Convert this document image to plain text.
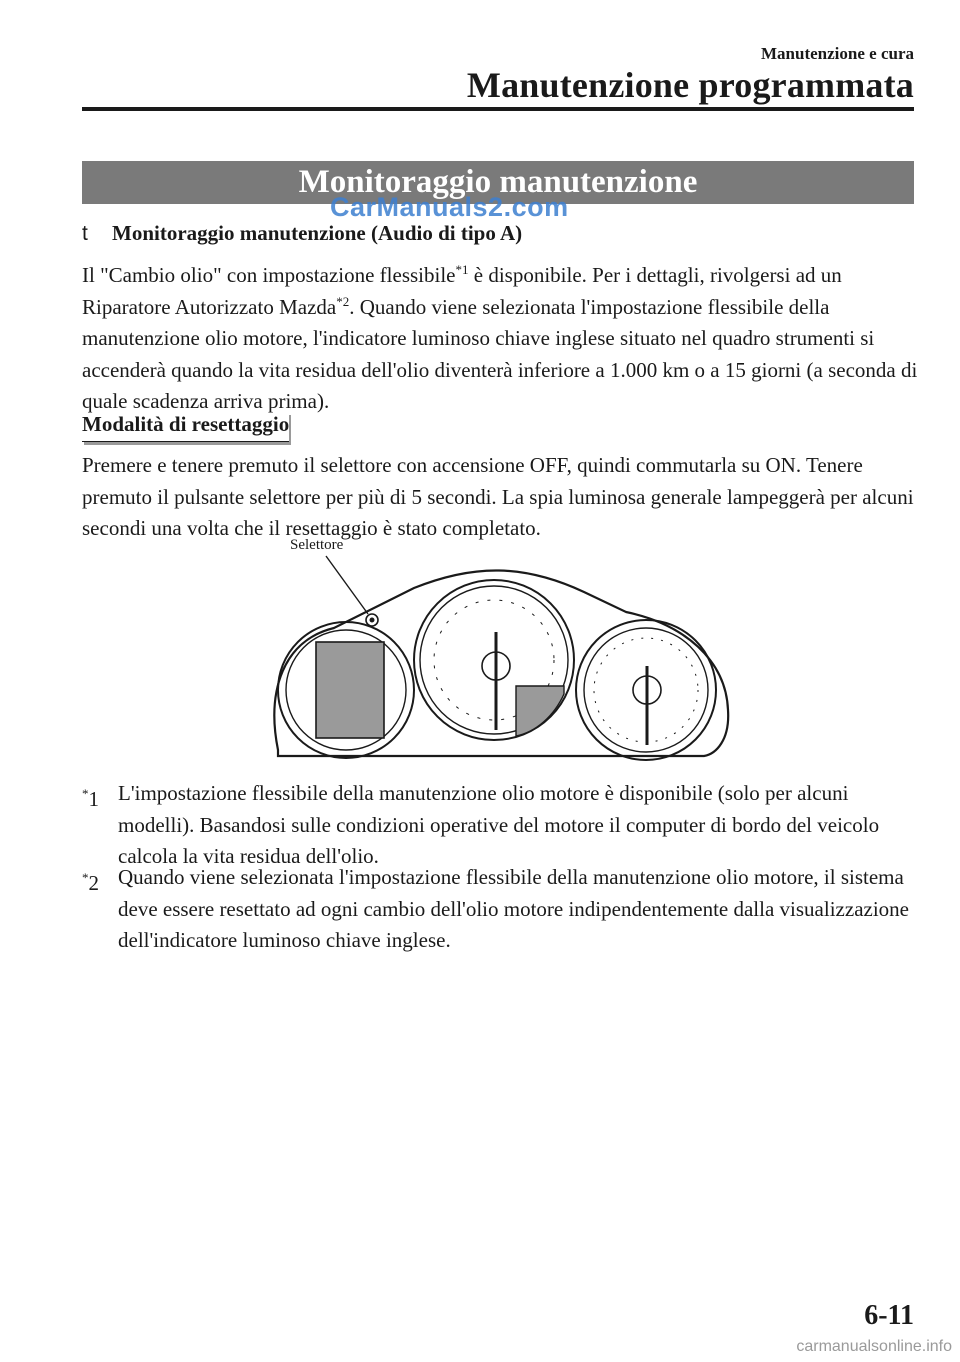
Manutenzione e cura
Manutenzione programmata
Monitoraggio manutenzione
CarManuals2.com
t Monitoraggio manutenzione (Audio di tipo A)
Il "Cambio olio" con impostazione flessibile$^{*1}$ è disponibile. Per i dettagli, rivolgersi ad un Riparatore Autorizzato Mazda$^{*2}$. Quando viene selezionata l'impostazione flessibile della manutenzione olio motore, l'indicatore luminoso chiave inglese situato nel quadro strumenti si accenderà quando la vita residua dell'olio diventerà inferiore a 1.000 km o a 15 giorni (a seconda di quale scadenza arriva prima).
Modalità di resettaggio
Premere e tenere premuto il selettore con accensione OFF, quindi commutarla su ON. Tenere premuto il pulsante selettore per più di 5 secondi. La spia luminosa generale lampeggerà per alcuni secondi una volta che il resettaggio è stato completato.
Selettore
*1 L'impostazione flessibile della manutenzione olio motore è disponibile (solo per alcuni modelli). Basandosi sulle condizioni operative del motore il computer di bordo del veicolo calcola la vita residua dell'olio.
*2 Quando viene selezionata l'impostazione flessibile della manutenzione olio motore, il sistema deve essere resettato ad ogni cambio dell'olio motore indipendentemente dalla visualizzazione dell'indicatore luminoso chiave inglese.
6-11
carmanualsonline.info
